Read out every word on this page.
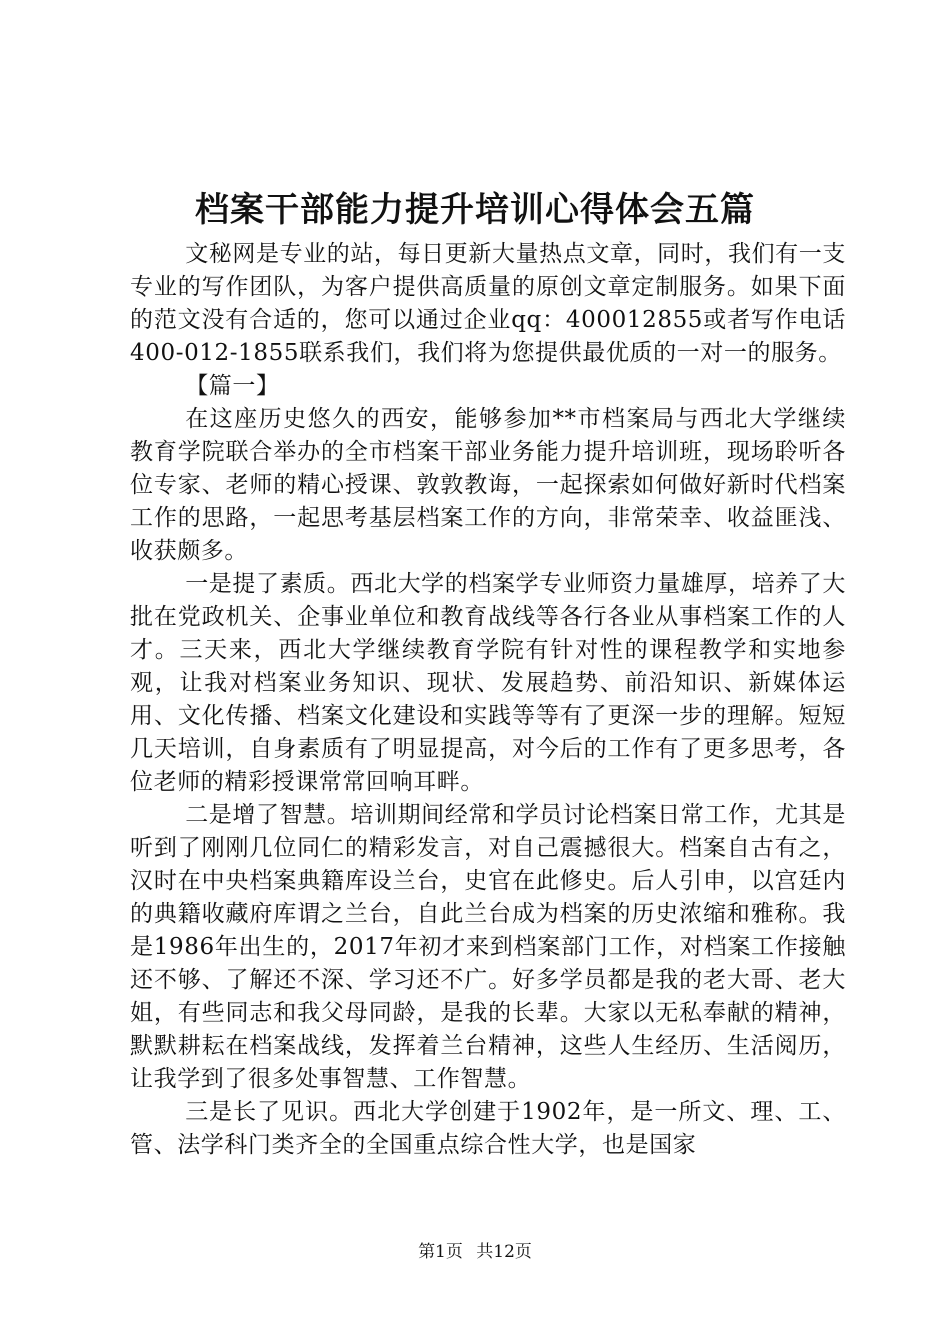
档案干部能力提升培训心得体会五篇

文秘网是专业的站，每日更新大量热点文章，同时，我们有一支专业的写作团队，为客户提供高质量的原创文章定制服务。如果下面的范文没有合适的，您可以通过企业qq：400012855或者写作电话400-012-1855联系我们，我们将为您提供最优质的一对一的服务。

【篇一】

在这座历史悠久的西安，能够参加**市档案局与西北大学继续教育学院联合举办的全市档案干部业务能力提升培训班，现场聆听各位专家、老师的精心授课、敦敦教诲，一起探索如何做好新时代档案工作的思路，一起思考基层档案工作的方向，非常荣幸、收益匪浅、收获颇多。

一是提了素质。西北大学的档案学专业师资力量雄厚，培养了大批在党政机关、企事业单位和教育战线等各行各业从事档案工作的人才。三天来，西北大学继续教育学院有针对性的课程教学和实地参观，让我对档案业务知识、现状、发展趋势、前沿知识、新媒体运用、文化传播、档案文化建设和实践等等有了更深一步的理解。短短几天培训，自身素质有了明显提高，对今后的工作有了更多思考，各位老师的精彩授课常常回响耳畔。

二是增了智慧。培训期间经常和学员讨论档案日常工作，尤其是听到了刚刚几位同仁的精彩发言，对自己震撼很大。档案自古有之，汉时在中央档案典籍库设兰台，史官在此修史。后人引申，以宫廷内的典籍收藏府库谓之兰台，自此兰台成为档案的历史浓缩和雅称。我是1986年出生的，2017年初才来到档案部门工作，对档案工作接触还不够、了解还不深、学习还不广。好多学员都是我的老大哥、老大姐，有些同志和我父母同龄，是我的长辈。大家以无私奉献的精神，默默耕耘在档案战线，发挥着兰台精神，这些人生经历、生活阅历，让我学到了很多处事智慧、工作智慧。

三是长了见识。西北大学创建于1902年，是一所文、理、工、管、法学科门类齐全的全国重点综合性大学，也是国家

第1页 共12页
